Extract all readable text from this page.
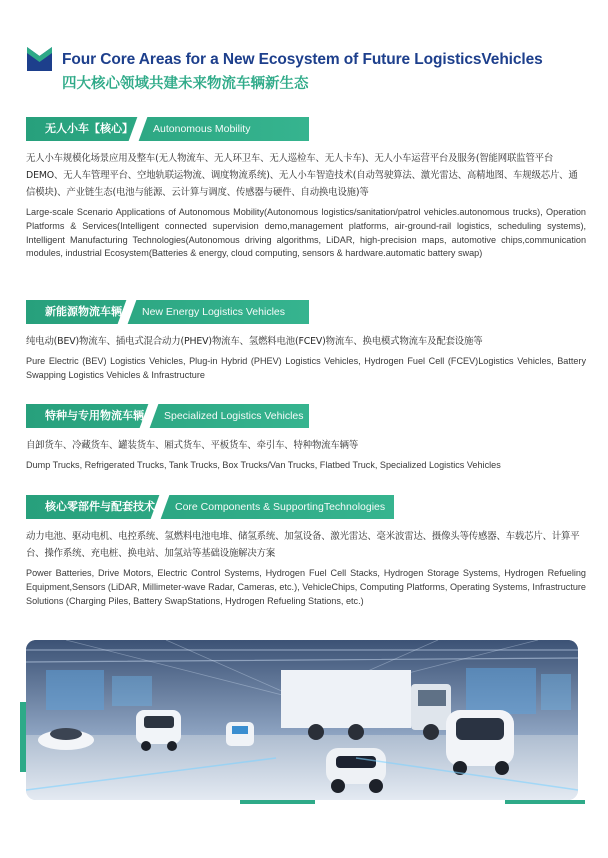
Four Core Areas for a New Ecosystem of Future LogisticsVehicles
四大核心领域共建未来物流车辆新生态
无人小车【核心】	Autonomous Mobility

无人小车规模化场景应用及整车(无人物流车、无人环卫车、无人巡检车、无人卡车)、无人小车运营平台及服务(智能网联监管平台DEMO、无人车管理平台、空地轨联运物流、调度物流系统)、无人小车智造技术(自动驾驶算法、激光雷达、高精地图、车规级芯片、通信模块)、产业链生态(电池与能源、云计算与调度、传感器与硬件、自动换电设施)等

Large-scale Scenario Applications of Autonomous Mobility(Autonomous logistics/sanitation/patrol vehicles.autonomous trucks), Operation Platforms & Services(Intelligent connected supervision demo,management platforms, air-ground-rail logistics, scheduling systems), Intelligent Manufacturing Technologies(Autonomous driving algorithms, LiDAR, high-precision maps, automotive chips,communication modules, industrial Ecosystem(Batteries & energy, cloud computing, sensors & hardware.automatic battery swap)

新能源物流车辆	New Energy Logistics Vehicles

纯电动(BEV)物流车、插电式混合动力(PHEV)物流车、氢燃料电池(FCEV)物流车、换电模式物流车及配套设施等

Pure Electric (BEV) Logistics Vehicles, Plug-in Hybrid (PHEV) Logistics Vehicles, Hydrogen Fuel Cell (FCEV)Logistics Vehicles, Battery Swapping Logistics Vehicles & Infrastructure

特种与专用物流车辆	Specialized Logistics Vehicles

自卸货车、冷藏货车、罐装货车、厢式货车、平板货车、牵引车、特种物流车辆等

Dump Trucks, Refrigerated Trucks, Tank Trucks, Box Trucks/Van Trucks, Flatbed Truck, Specialized Logistics Vehicles

核心零部件与配套技术	Core Components & SupportingTechnologies

动力电池、驱动电机、电控系统、氢燃料电池电堆、储氢系统、加氢设备、激光雷达、毫米波雷达、摄像头等传感器、车载芯片、计算平台、操作系统、充电桩、换电站、加氢站等基础设施解决方案

Power Batteries, Drive Motors, Electric Control Systems, Hydrogen Fuel Cell Stacks, Hydrogen Storage Systems, Hydrogen Refueling Equipment,Sensors (LiDAR, Millimeter-wave Radar, Cameras, etc.), VehicleChips, Computing Platforms, Operating Systems, Infrastructure Solutions (Charging Piles, Battery SwapStations, Hydrogen Refueling Stations, etc.)
